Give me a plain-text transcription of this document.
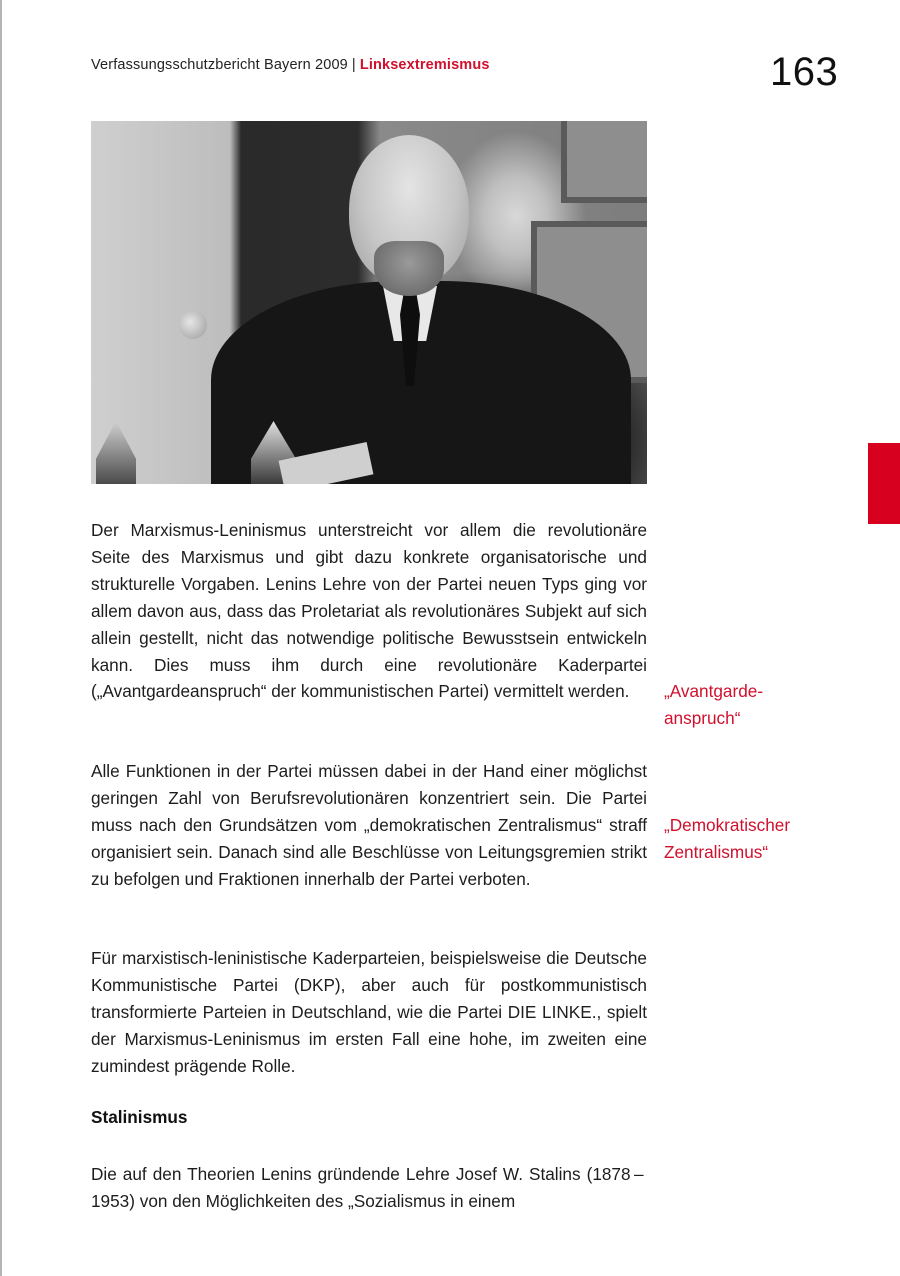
Verfassungsschutzbericht Bayern 2009 | Linksextremismus	163

Der Marxismus-Leninismus unterstreicht vor allem die revolutionäre Seite des Marxismus und gibt dazu konkrete organisatorische und strukturelle Vorgaben. Lenins Lehre von der Partei neuen Typs ging vor allem davon aus, dass das Proletariat als revolutionäres Subjekt auf sich allein gestellt, nicht das notwendige politische Bewusstsein entwickeln kann. Dies muss ihm durch eine revolutionäre Kaderpartei („Avantgardeanspruch“ der kommunistischen Partei) vermittelt werden.	„Avantgarde-
anspruch“

Alle Funktionen in der Partei müssen dabei in der Hand einer möglichst geringen Zahl von Berufsrevolutionären konzentriert sein. Die Partei muss nach den Grundsätzen vom „demokratischen Zentralismus“ straff organisiert sein. Danach sind alle Beschlüsse von Leitungsgremien strikt zu befolgen und Fraktionen innerhalb der Partei verboten.

„Demokratischer
Zentralismus“

Für marxistisch-leninistische Kaderparteien, beispielsweise die Deutsche Kommunistische Partei (DKP), aber auch für postkommunistisch transformierte Parteien in Deutschland, wie die Partei DIE LINKE., spielt der Marxismus-Leninismus im ersten Fall eine hohe, im zweiten eine zumindest prägende Rolle.

Stalinismus

Die auf den Theorien Lenins gründende Lehre Josef W. Stalins (1878 – 1953) von den Möglichkeiten des „Sozialismus in einem
